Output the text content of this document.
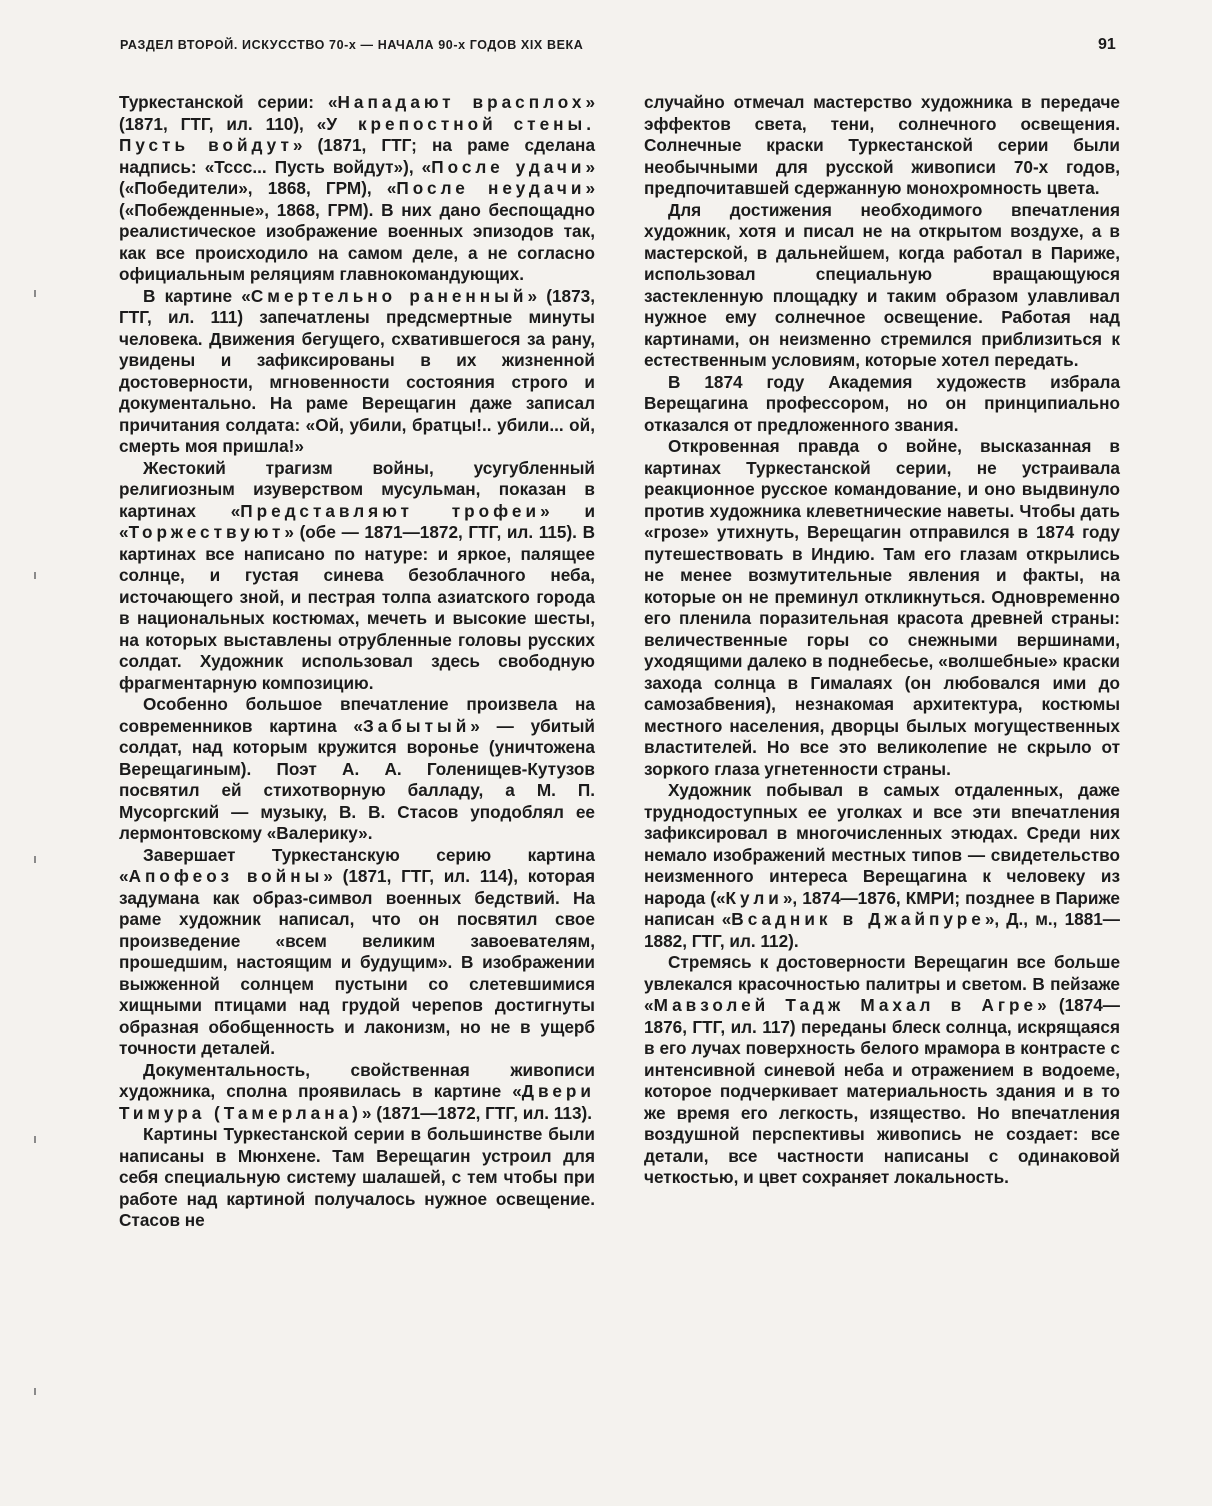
РАЗДЕЛ ВТОРОЙ. ИСКУССТВО 70-х — НАЧАЛА 90-х ГОДОВ XIX ВЕКА	91

Туркестанской серии: «Нападают врасплох» (1871, ГТГ, ил. 110), «У крепостной стены. Пусть войдут» (1871, ГТГ; на раме сделана надпись: «Тссс... Пусть войдут»), «После удачи» («Победители», 1868, ГРМ), «После неудачи» («Побежденные», 1868, ГРМ). В них дано беспощадно реалистическое изображение военных эпизодов так, как все происходило на самом деле, а не согласно официальным реляциям главнокомандующих.

В картине «Смертельно раненный» (1873, ГТГ, ил. 111) запечатлены предсмертные минуты человека. Движения бегущего, схватившегося за рану, увидены и зафиксированы в их жизненной достоверности, мгновенности состояния строго и документально. На раме Верещагин даже записал причитания солдата: «Ой, убили, братцы!.. убили... ой, смерть моя пришла!»

Жестокий трагизм войны, усугубленный религиозным изуверством мусульман, показан в картинах «Представляют трофеи» и «Торжествуют» (обе — 1871—1872, ГТГ, ил. 115). В картинах все написано по натуре: и яркое, палящее солнце, и густая синева безоблачного неба, источающего зной, и пестрая толпа азиатского города в национальных костюмах, мечеть и высокие шесты, на которых выставлены отрубленные головы русских солдат. Художник использовал здесь свободную фрагментарную композицию.

Особенно большое впечатление произвела на современников картина «Забытый» — убитый солдат, над которым кружится воронье (уничтожена Верещагиным). Поэт А. А. Голенищев-Кутузов посвятил ей стихотворную балладу, а М. П. Мусоргский — музыку, В. В. Стасов уподоблял ее лермонтовскому «Валерику».

Завершает Туркестанскую серию картина «Апофеоз войны» (1871, ГТГ, ил. 114), которая задумана как образ-символ военных бедствий. На раме художник написал, что он посвятил свое произведение «всем великим завоевателям, прошедшим, настоящим и будущим». В изображении выжженной солнцем пустыни со слетевшимися хищными птицами над грудой черепов достигнуты образная обобщенность и лаконизм, но не в ущерб точности деталей.

Документальность, свойственная живописи художника, сполна проявилась в картине «Двери Тимура (Тамерлана)» (1871—1872, ГТГ, ил. 113).

Картины Туркестанской серии в большинстве были написаны в Мюнхене. Там Верещагин устроил для себя специальную систему шалашей, с тем чтобы при работе над картиной получалось нужное освещение. Стасов не

случайно отмечал мастерство художника в передаче эффектов света, тени, солнечного освещения. Солнечные краски Туркестанской серии были необычными для русской живописи 70-х годов, предпочитавшей сдержанную монохромность цвета.

Для достижения необходимого впечатления художник, хотя и писал не на открытом воздухе, а в мастерской, в дальнейшем, когда работал в Париже, использовал специальную вращающуюся застекленную площадку и таким образом улавливал нужное ему солнечное освещение. Работая над картинами, он неизменно стремился приблизиться к естественным условиям, которые хотел передать.

В 1874 году Академия художеств избрала Верещагина профессором, но он принципиально отказался от предложенного звания.

Откровенная правда о войне, высказанная в картинах Туркестанской серии, не устраивала реакционное русское командование, и оно выдвинуло против художника клеветнические наветы. Чтобы дать «грозе» утихнуть, Верещагин отправился в 1874 году путешествовать в Индию. Там его глазам открылись не менее возмутительные явления и факты, на которые он не преминул откликнуться. Одновременно его пленила поразительная красота древней страны: величественные горы со снежными вершинами, уходящими далеко в поднебесье, «волшебные» краски захода солнца в Гималаях (он любовался ими до самозабвения), незнакомая архитектура, костюмы местного населения, дворцы былых могущественных властителей. Но все это великолепие не скрыло от зоркого глаза угнетенности страны.

Художник побывал в самых отдаленных, даже труднодоступных ее уголках и все эти впечатления зафиксировал в многочисленных этюдах. Среди них немало изображений местных типов — свидетельство неизменного интереса Верещагина к человеку из народа («Кули», 1874—1876, КМРИ; позднее в Париже написан «Всадник в Джайпуре», Д., м., 1881—1882, ГТГ, ил. 112).

Стремясь к достоверности Верещагин все больше увлекался красочностью палитры и светом. В пейзаже «Мавзолей Тадж Махал в Агре» (1874—1876, ГТГ, ил. 117) переданы блеск солнца, искрящаяся в его лучах поверхность белого мрамора в контрасте с интенсивной синевой неба и отражением в водоеме, которое подчеркивает материальность здания и в то же время его легкость, изящество. Но впечатления воздушной перспективы живопись не создает: все детали, все частности написаны с одинаковой четкостью, и цвет сохраняет локальность.
